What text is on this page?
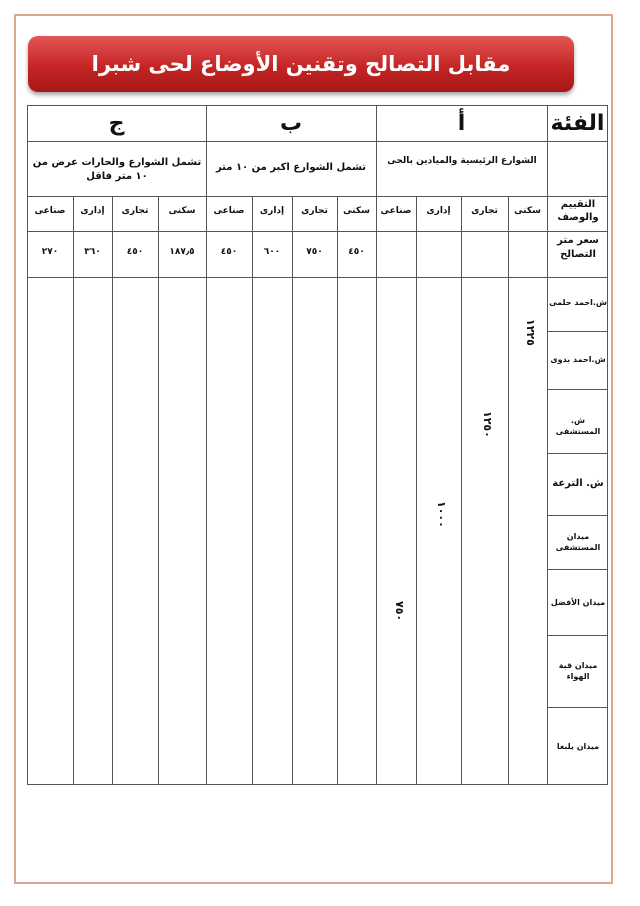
مقابل التصالح وتقنين الأوضاع لحى شبرا
الفئة
أ
ب
ج
الشوارع الرئيسية والميادين بالحى
تشمل الشوارع اكبر من ١٠ متر
تشمل الشوارع والحارات عرض من ١٠ متر فاقل
التقييم والوصف
سكنى
تجارى
إدارى
صناعى
سكنى
تجارى
إدارى
صناعى
سكنى
تجارى
إدارى
صناعى
سعر متر التصالح
٤٥٠
٧٥٠
٦٠٠
٤٥٠
١٨٧٫٥
٤٥٠
٣٦٠
٢٧٠
١٢٢٥
١٢٥٠
١٠٠٠
٧٥٠
ش.احمد حلمى
ش.احمد بدوى
ش. المستشفى
ش. الترعة
ميدان المستشفى
ميدان الأفضل
ميدان قبة الهواء
ميدان يلبغا
